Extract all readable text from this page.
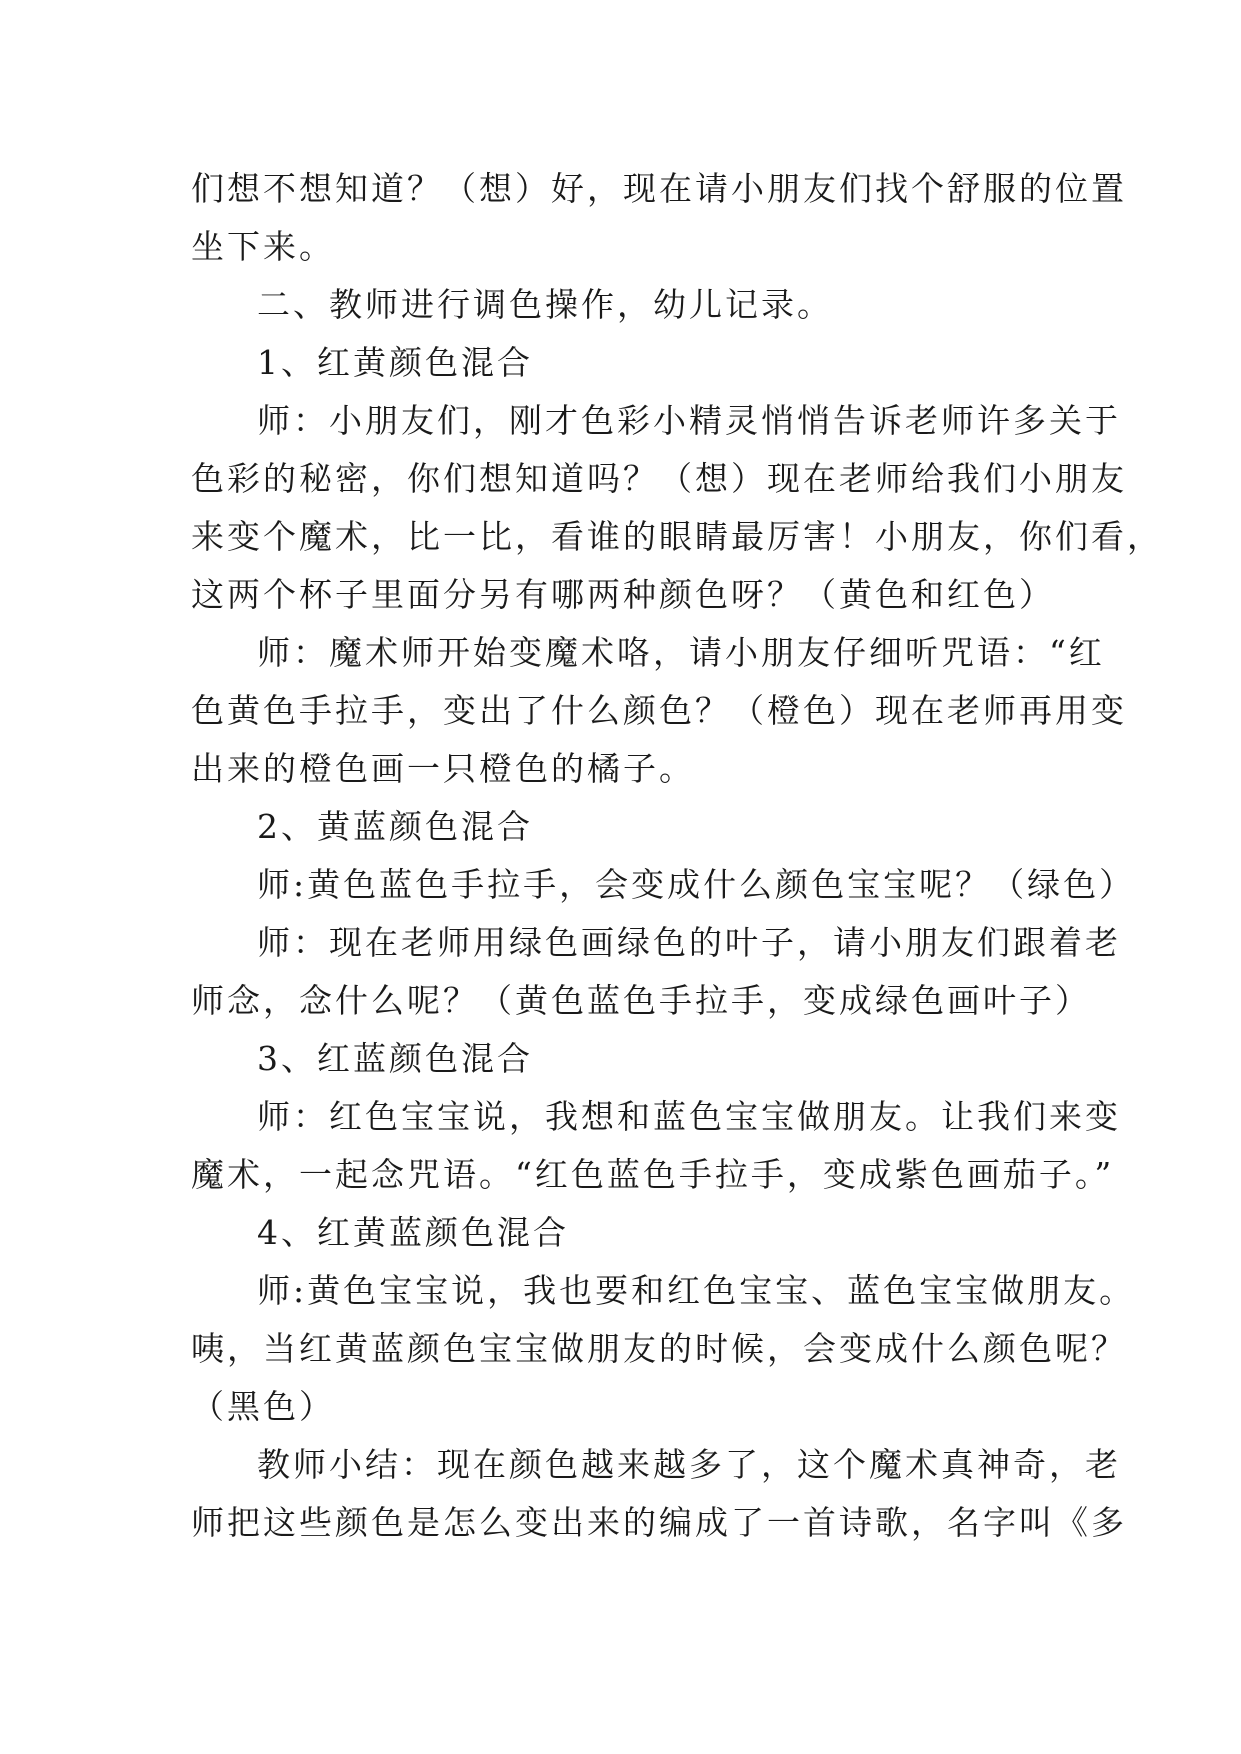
们想不想知道？（想）好，现在请小朋友们找个舒服的位置
坐下来。
二、教师进行调色操作，幼儿记录。
1、红黄颜色混合
师：小朋友们，刚才色彩小精灵悄悄告诉老师许多关于
色彩的秘密，你们想知道吗？（想）现在老师给我们小朋友
来变个魔术，比一比，看谁的眼睛最厉害！小朋友，你们看，
这两个杯子里面分另有哪两种颜色呀？（黄色和红色）
师：魔术师开始变魔术咯，请小朋友仔细听咒语：“红
色黄色手拉手，变出了什么颜色？（橙色）现在老师再用变
出来的橙色画一只橙色的橘子。
2、黄蓝颜色混合
师:黄色蓝色手拉手，会变成什么颜色宝宝呢？（绿色）
师：现在老师用绿色画绿色的叶子，请小朋友们跟着老
师念，念什么呢？（黄色蓝色手拉手，变成绿色画叶子）
3、红蓝颜色混合
师：红色宝宝说，我想和蓝色宝宝做朋友。让我们来变
魔术，一起念咒语。“红色蓝色手拉手，变成紫色画茄子。”
4、红黄蓝颜色混合
师:黄色宝宝说，我也要和红色宝宝、蓝色宝宝做朋友。
咦，当红黄蓝颜色宝宝做朋友的时候，会变成什么颜色呢？
（黑色）
教师小结：现在颜色越来越多了，这个魔术真神奇，老
师把这些颜色是怎么变出来的编成了一首诗歌，名字叫《多
